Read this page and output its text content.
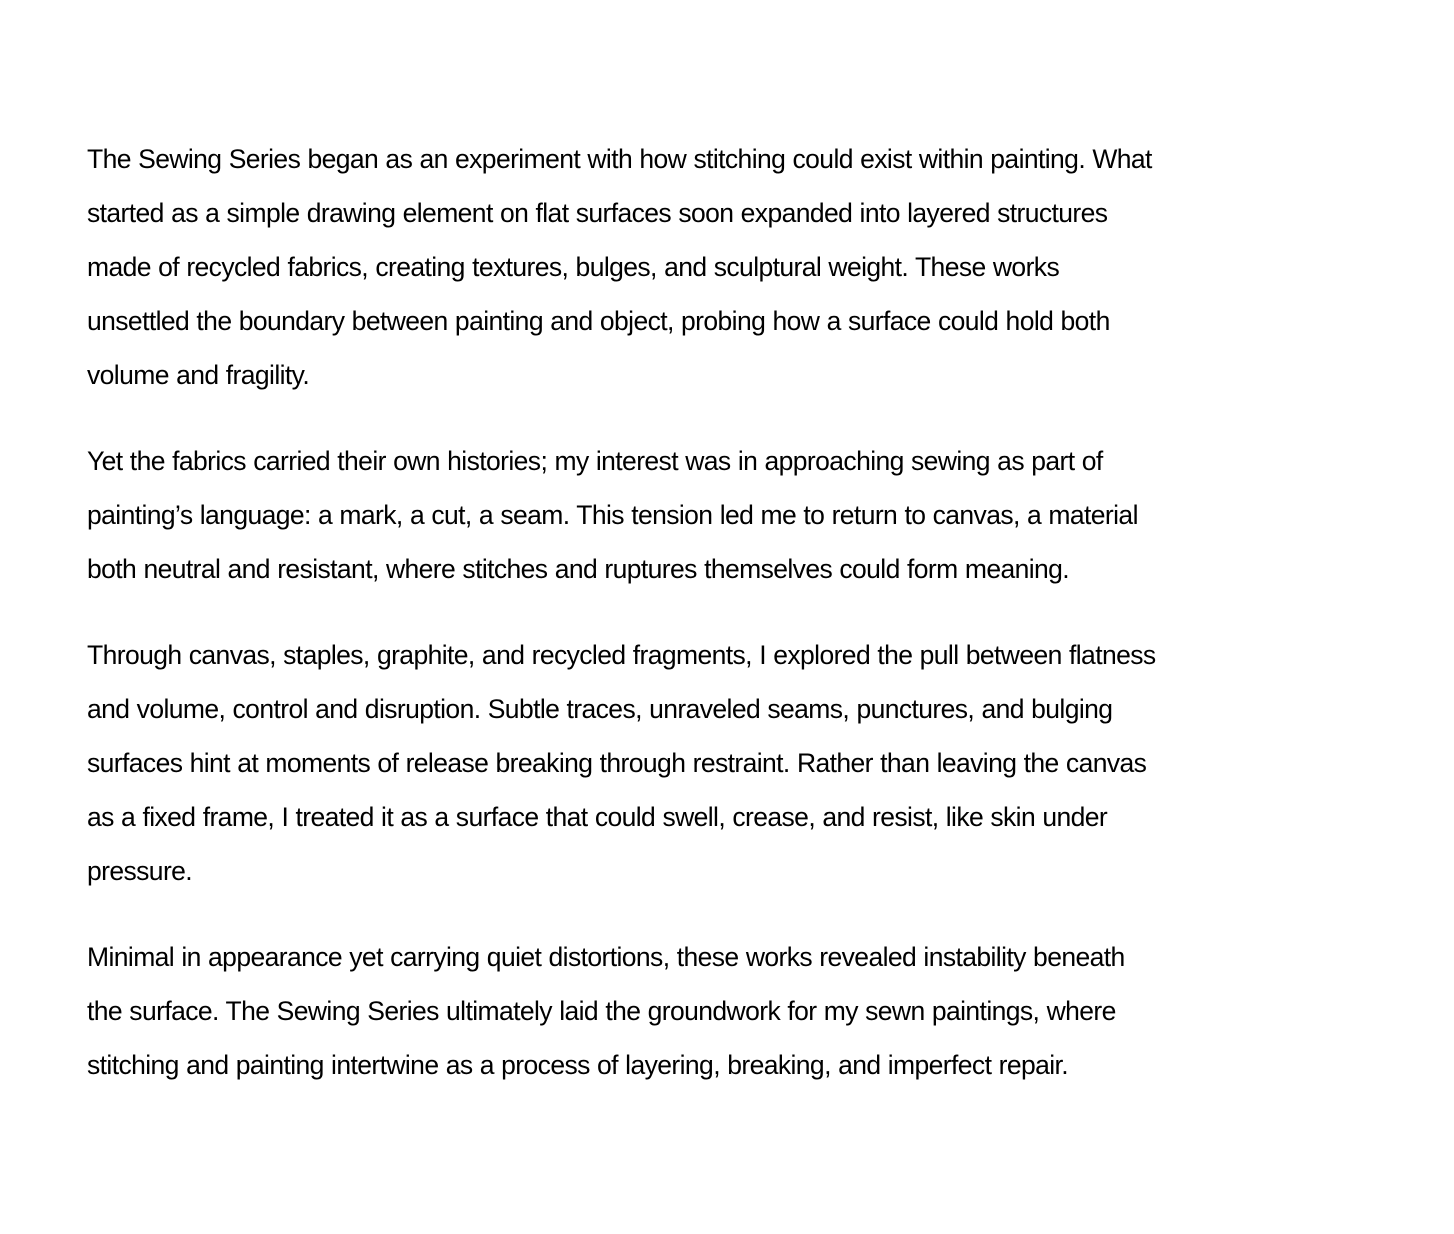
The Sewing Series began as an experiment with how stitching could exist within painting. What
started as a simple drawing element on flat surfaces soon expanded into layered structures
made of recycled fabrics, creating textures, bulges, and sculptural weight. These works
unsettled the boundary between painting and object, probing how a surface could hold both
volume and fragility.

Yet the fabrics carried their own histories; my interest was in approaching sewing as part of
painting’s language: a mark, a cut, a seam. This tension led me to return to canvas, a material
both neutral and resistant, where stitches and ruptures themselves could form meaning.

Through canvas, staples, graphite, and recycled fragments, I explored the pull between flatness
and volume, control and disruption. Subtle traces, unraveled seams, punctures, and bulging
surfaces hint at moments of release breaking through restraint. Rather than leaving the canvas
as a fixed frame, I treated it as a surface that could swell, crease, and resist, like skin under
pressure.

Minimal in appearance yet carrying quiet distortions, these works revealed instability beneath
the surface. The Sewing Series ultimately laid the groundwork for my sewn paintings, where
stitching and painting intertwine as a process of layering, breaking, and imperfect repair.
